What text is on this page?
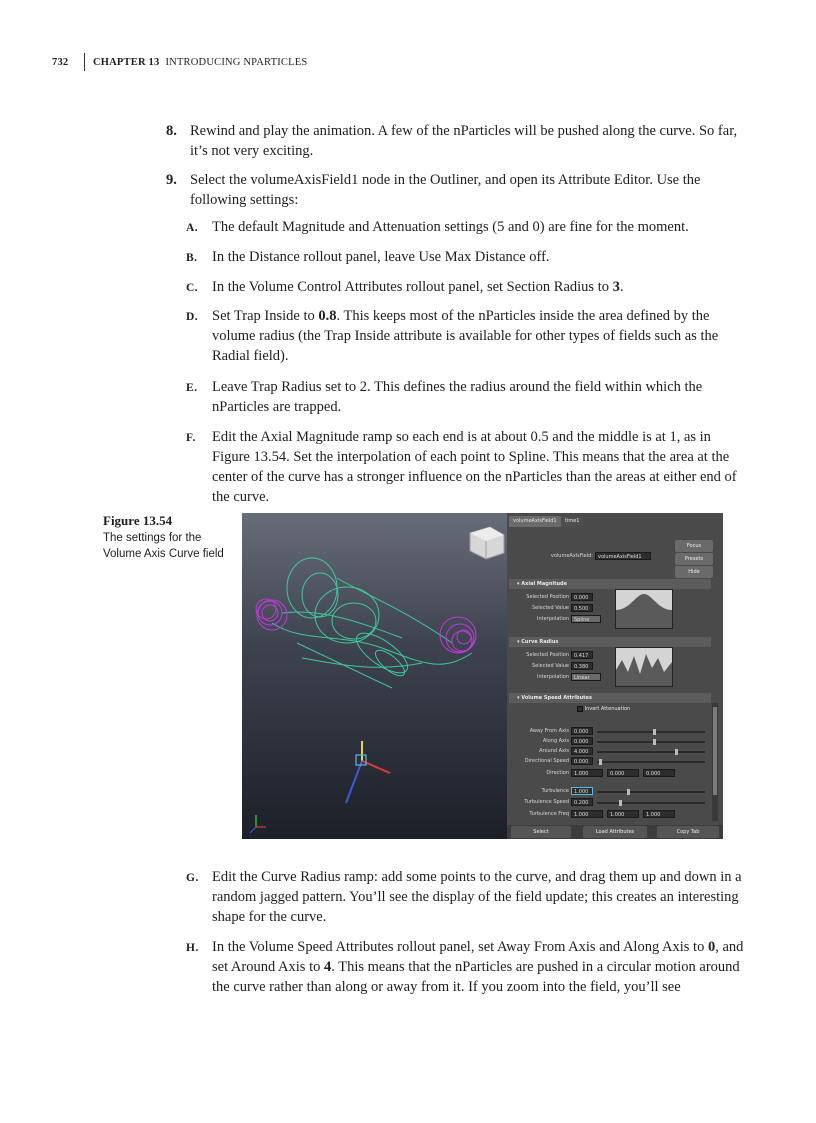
732	CHAPTER 13 INTRODUCING NPARTICLES
8. Rewind and play the animation. A few of the nParticles will be pushed along the curve. So far, it’s not very exciting.
9. Select the volumeAxisField1 node in the Outliner, and open its Attribute Editor. Use the following settings:
A. The default Magnitude and Attenuation settings (5 and 0) are fine for the moment.
B. In the Distance rollout panel, leave Use Max Distance off.
C. In the Volume Control Attributes rollout panel, set Section Radius to 3.
D. Set Trap Inside to 0.8. This keeps most of the nParticles inside the area defined by the volume radius (the Trap Inside attribute is available for other types of fields such as the Radial field).
E. Leave Trap Radius set to 2. This defines the radius around the field within which the nParticles are trapped.
F. Edit the Axial Magnitude ramp so each end is at about 0.5 and the middle is at 1, as in Figure 13.54. Set the interpolation of each point to Spline. This means that the area at the center of the curve has a stronger influence on the nParticles than the areas at either end of the curve.
Figure 13.54
The settings for the Volume Axis Curve field
volumeAxisField1	time1
volumeAxisField:	volumeAxisField1
Focus
Presets
Hide
▾ Axial Magnitude
Selected Position	0.000
Selected Value	0.500
Interpolation	Spline
▾ Curve Radius
Selected Position	0.417
Selected Value	0.380
Interpolation	Linear
▾ Volume Speed Attributes
Invert Attenuation
Away From Axis	0.000
Along Axis	0.000
Around Axis	4.000
Directional Speed	0.000
Direction	1.000	0.000	0.000
Turbulence	1.000
Turbulence Speed	0.200
Turbulence Freq	1.000	1.000	1.000
Select	Load Attributes	Copy Tab
G. Edit the Curve Radius ramp: add some points to the curve, and drag them up and down in a random jagged pattern. You’ll see the display of the field update; this creates an interesting shape for the curve.
H. In the Volume Speed Attributes rollout panel, set Away From Axis and Along Axis to 0, and set Around Axis to 4. This means that the nParticles are pushed in a circular motion around the curve rather than along or away from it. If you zoom into the field, you’ll see
